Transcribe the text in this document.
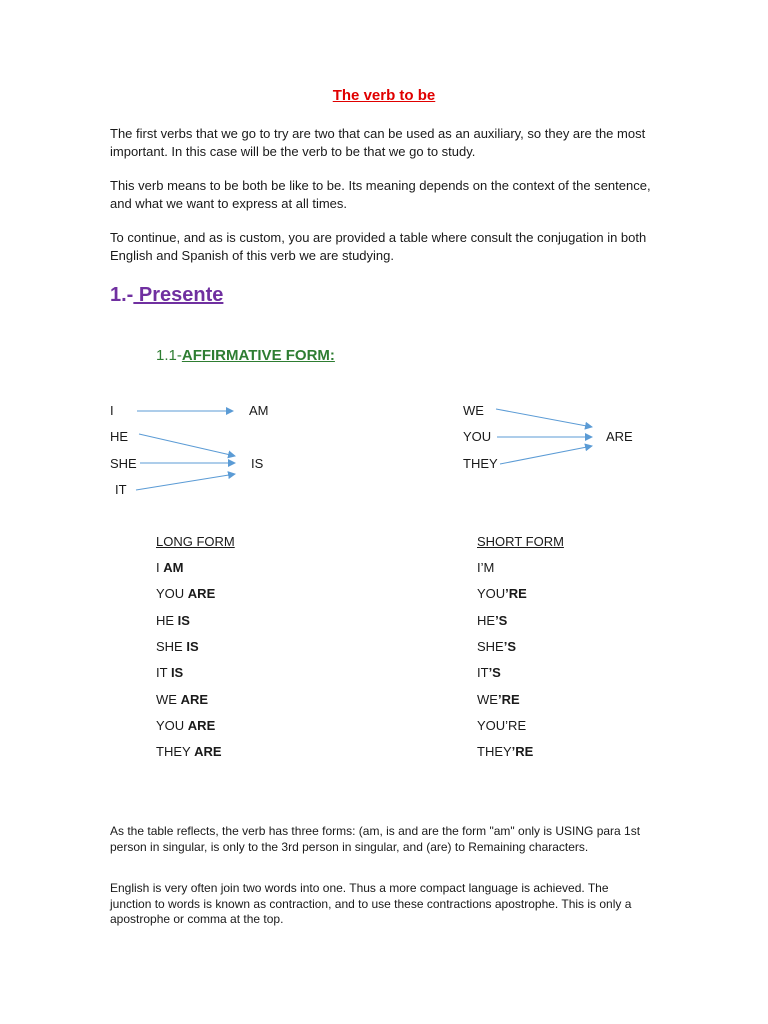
The verb to be
The first verbs that we go to try are two that can be used as an auxiliary, so they are the most important. In this case will be the verb to be that we go to study.
This verb means to be both be like to be. Its meaning depends on the context of the sentence, and what we want to express at all times.
To continue, and as is custom, you are provided a table where consult the conjugation in both English and Spanish of this verb we are studying.
1.- Presente
1.1-AFFIRMATIVE FORM:
I
HE
SHE
IT
AM
IS
WE
YOU
THEY
ARE
LONG FORM	SHORT FORM
I AM
YOU ARE
HE IS
SHE IS
IT IS
WE ARE
YOU ARE
THEY ARE
I’M
YOU’RE
HE’S
SHE’S
IT’S
WE’RE
YOU’RE
THEY’RE
As the table reflects, the verb has three forms: (am, is and are the form "am" only is USING para 1st person in singular, is only to the 3rd person in singular, and (are) to Remaining characters.
English is very often join two words into one. Thus a more compact language is achieved. The junction to words is known as contraction, and to use these contractions apostrophe. This is only a apostrophe or comma at the top.
